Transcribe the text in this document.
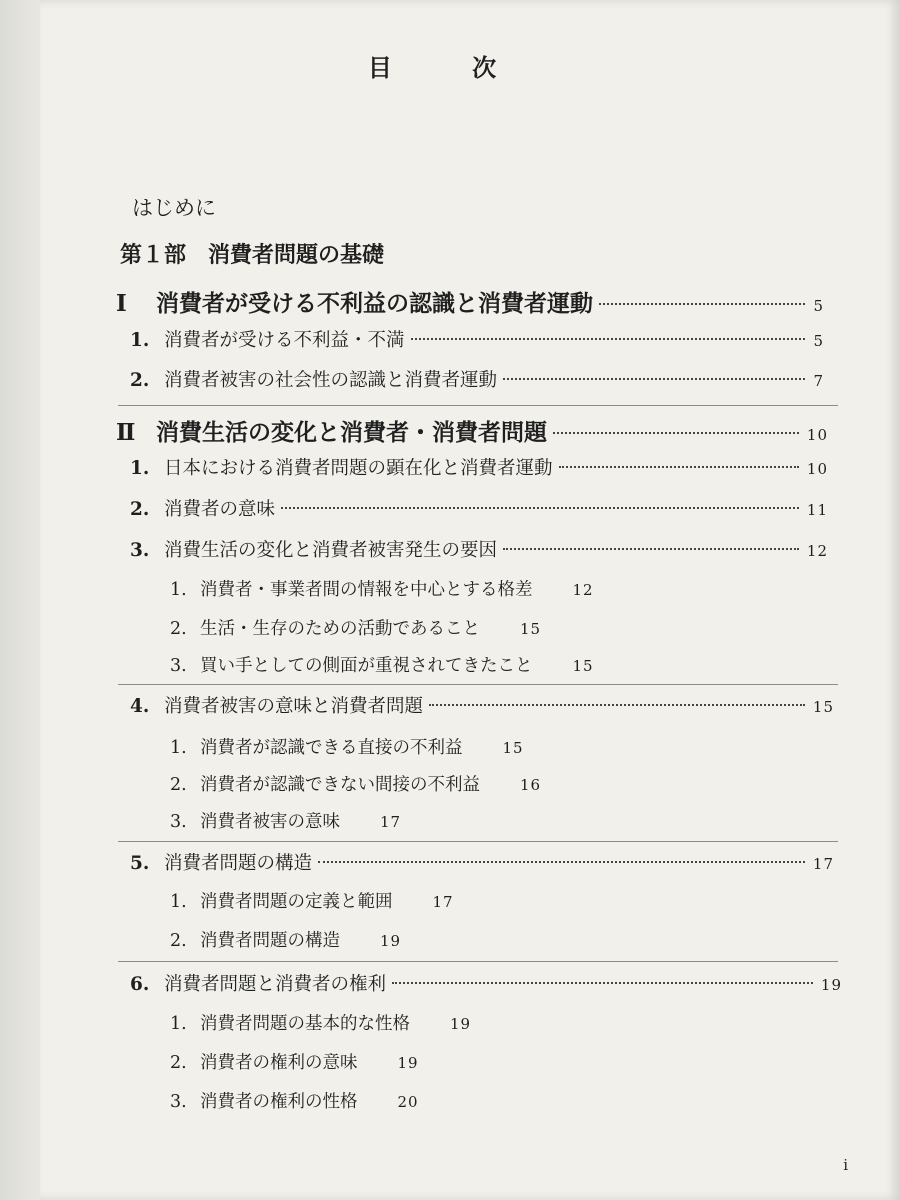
目 次
はじめに
第１部 消費者問題の基礎
Ⅰ	消費者が受ける不利益の認識と消費者運動	5
1. 消費者が受ける不利益・不満	5
2. 消費者被害の社会性の認識と消費者運動	7
Ⅱ 消費生活の変化と消費者・消費者問題	10
1. 日本における消費者問題の顕在化と消費者運動	10
2. 消費者の意味	11
3. 消費生活の変化と消費者被害発生の要因	12
1. 消費者・事業者間の情報を中心とする格差	12
2. 生活・生存のための活動であること	15
3. 買い手としての側面が重視されてきたこと	15
4. 消費者被害の意味と消費者問題	15
1. 消費者が認識できる直接の不利益	15
2. 消費者が認識できない間接の不利益	16
3. 消費者被害の意味	17
5. 消費者問題の構造	17
1. 消費者問題の定義と範囲	17
2. 消費者問題の構造	19
6. 消費者問題と消費者の権利	19
1. 消費者問題の基本的な性格	19
2. 消費者の権利の意味	19
3. 消費者の権利の性格	20
i
